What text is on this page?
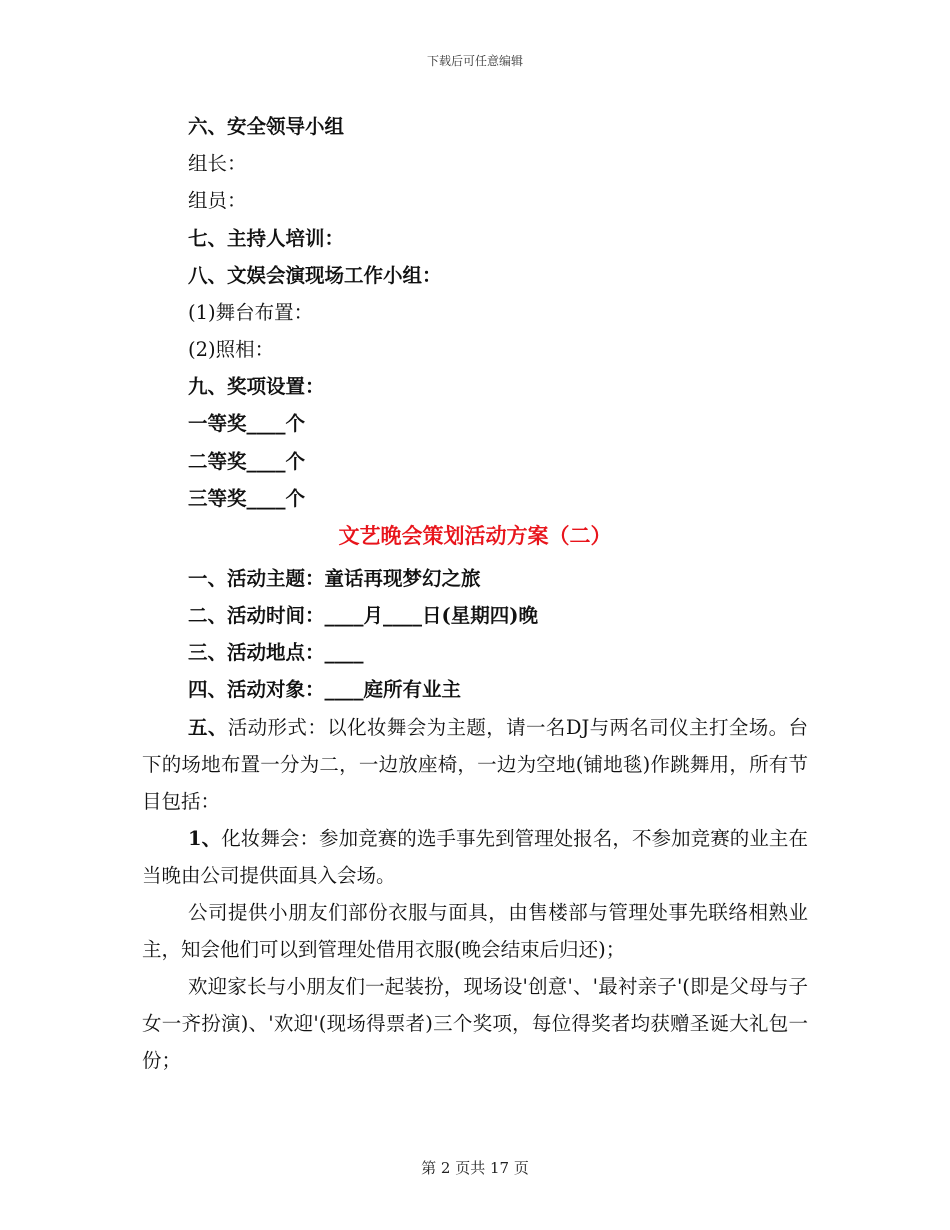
下载后可任意编辑
六、安全领导小组
组长：
组员：
七、主持人培训：
八、文娱会演现场工作小组：
(1)舞台布置：
(2)照相：
九、奖项设置：
一等奖____个
二等奖____个
三等奖____个
文艺晚会策划活动方案（二）
一、活动主题：童话再现梦幻之旅
二、活动时间：____月____日(星期四)晚
三、活动地点：____
四、活动对象：____庭所有业主
五、活动形式：以化妆舞会为主题，请一名DJ与两名司仪主打全场。台下的场地布置一分为二，一边放座椅，一边为空地(铺地毯)作跳舞用，所有节目包括：
1、化妆舞会：参加竞赛的选手事先到管理处报名，不参加竞赛的业主在当晚由公司提供面具入会场。
公司提供小朋友们部份衣服与面具，由售楼部与管理处事先联络相熟业主，知会他们可以到管理处借用衣服(晚会结束后归还)；
欢迎家长与小朋友们一起装扮，现场设'创意'、'最衬亲子'(即是父母与子女一齐扮演)、'欢迎'(现场得票者)三个奖项，每位得奖者均获赠圣诞大礼包一份；
第 2 页共 17 页
